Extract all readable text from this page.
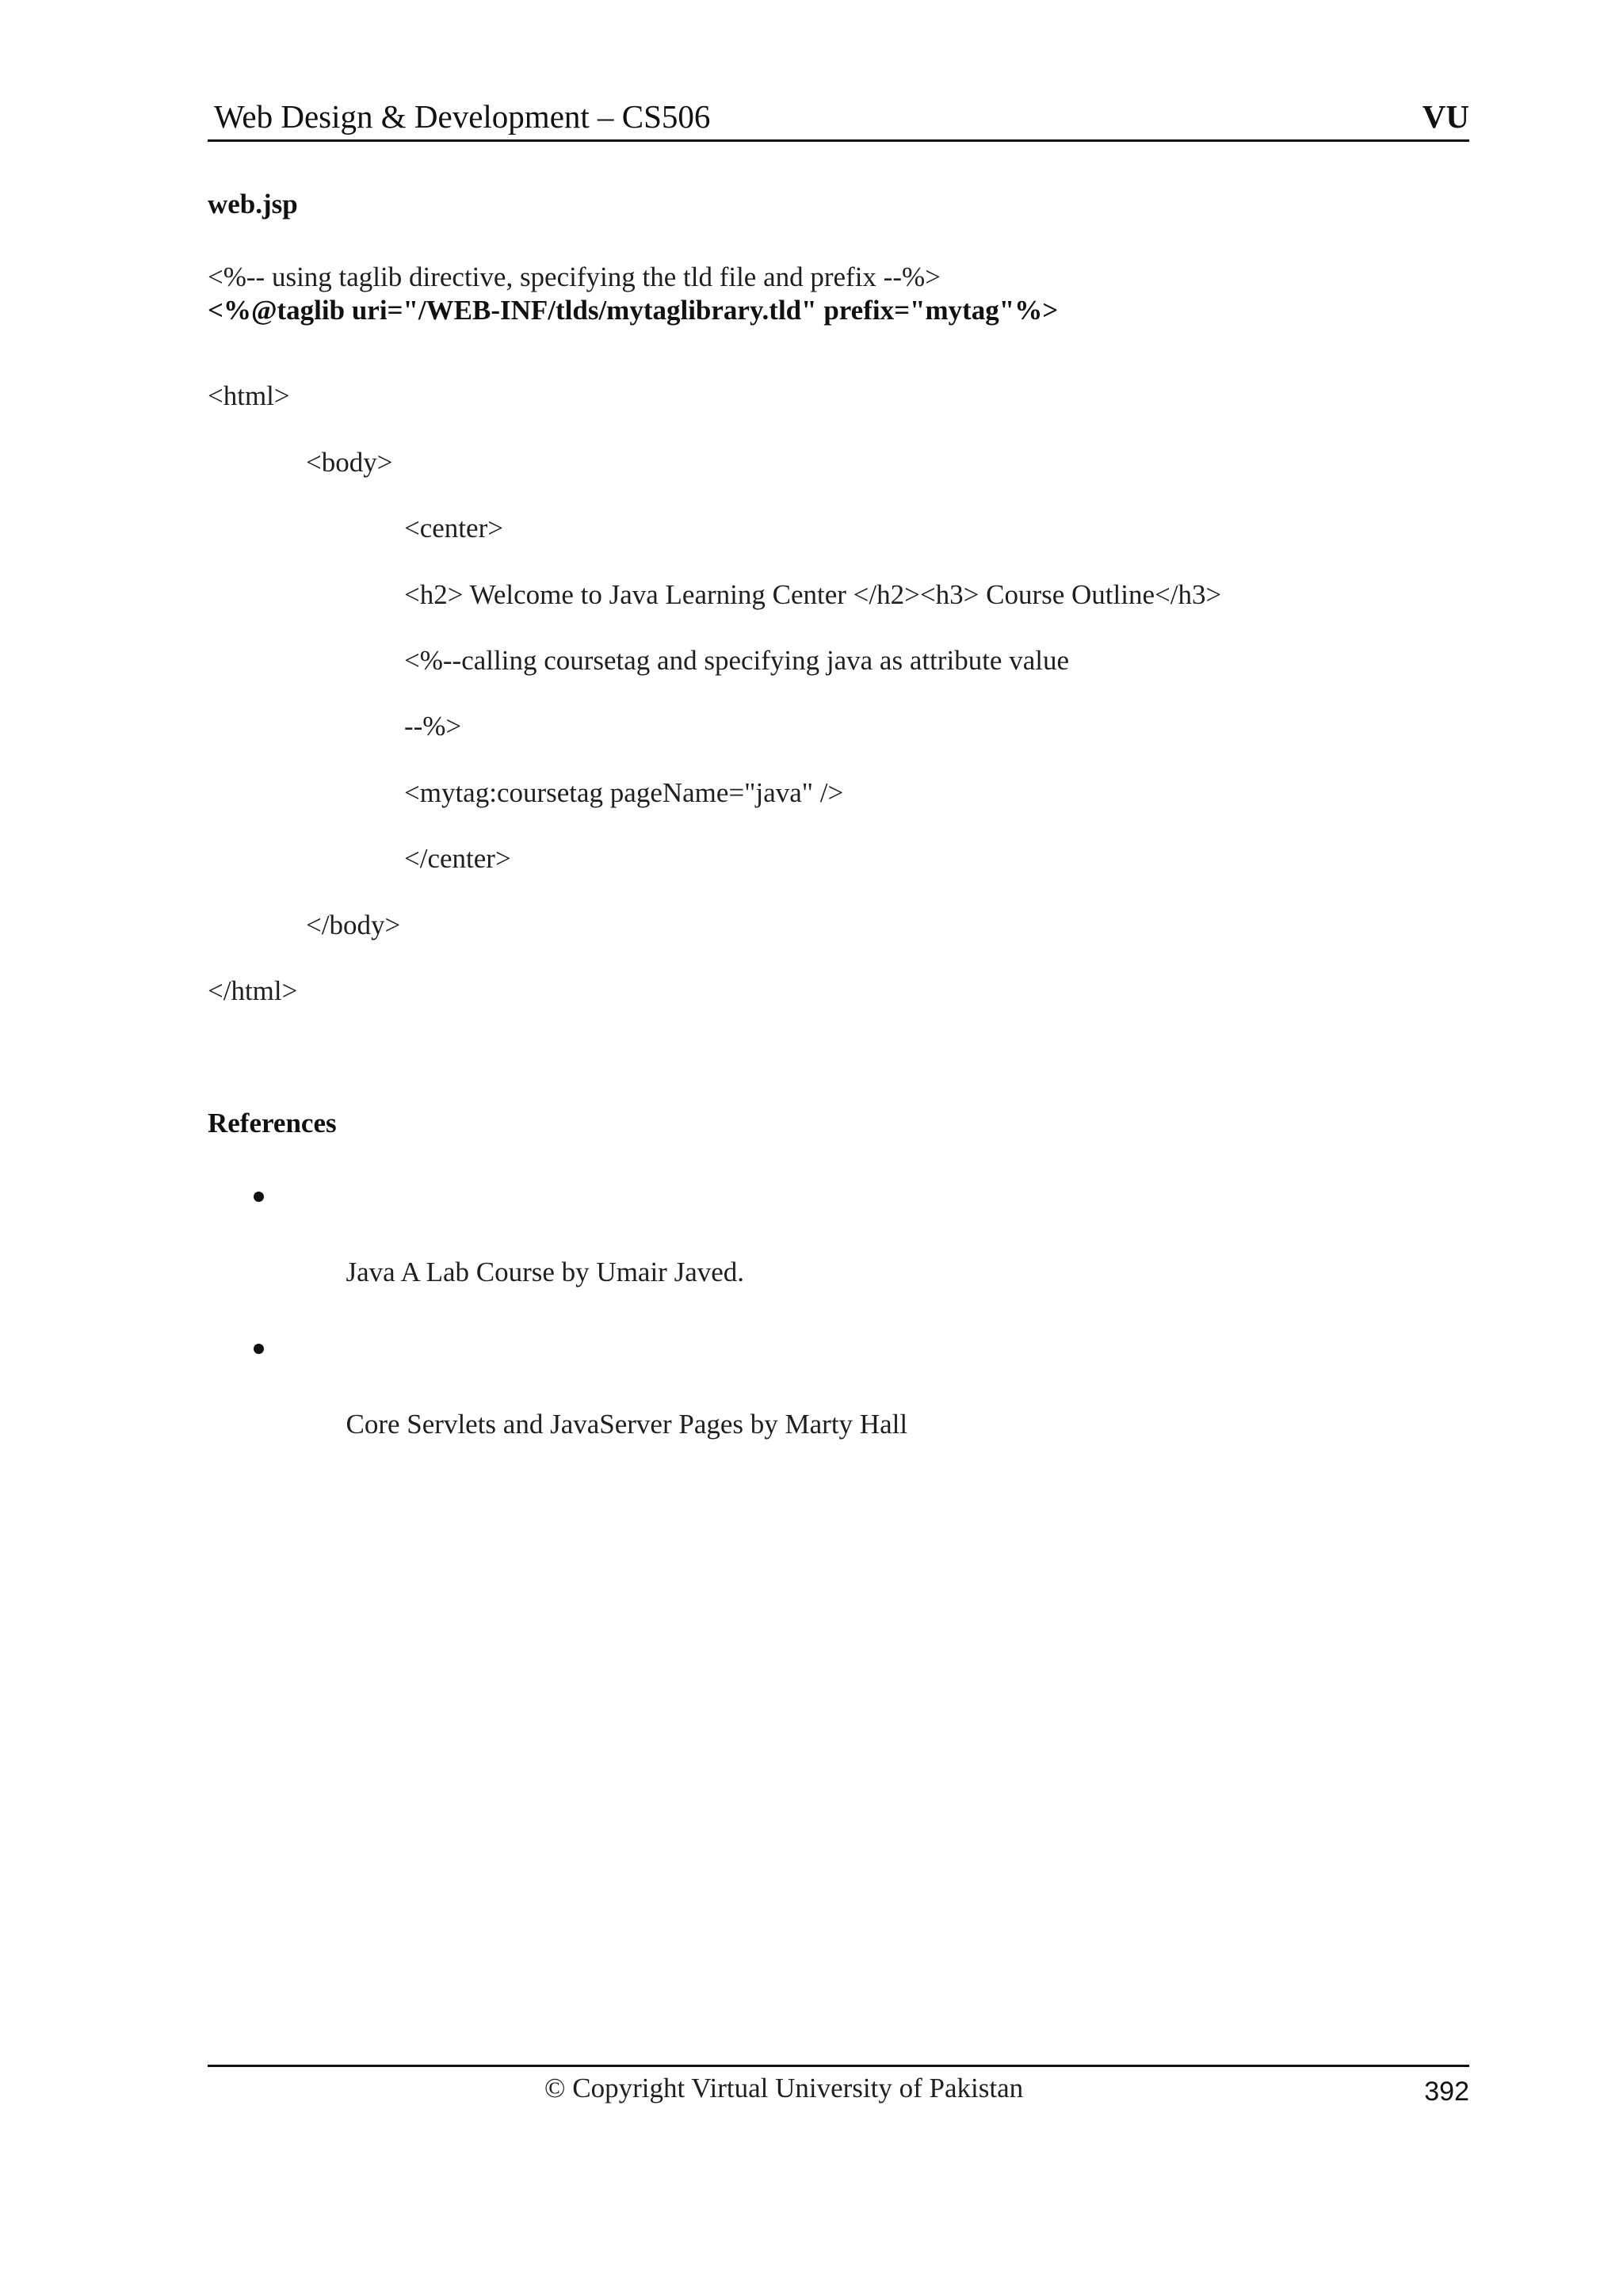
Web Design & Development – CS506	VU
web.jsp
<%-- using taglib directive, specifying the tld file and prefix --%>
<%@taglib uri="/WEB-INF/tlds/mytaglibrary.tld" prefix="mytag"%>
<html>
<body>
<center>
<h2> Welcome to Java Learning Center </h2><h3> Course Outline</h3>
<%--calling coursetag and specifying java as attribute value
--%>
<mytag:coursetag pageName="java" />
</center>
</body>
</html>
References

Java A Lab Course by Umair Javed.

Core Servlets and JavaServer Pages by Marty Hall

© Copyright Virtual University of Pakistan	392
